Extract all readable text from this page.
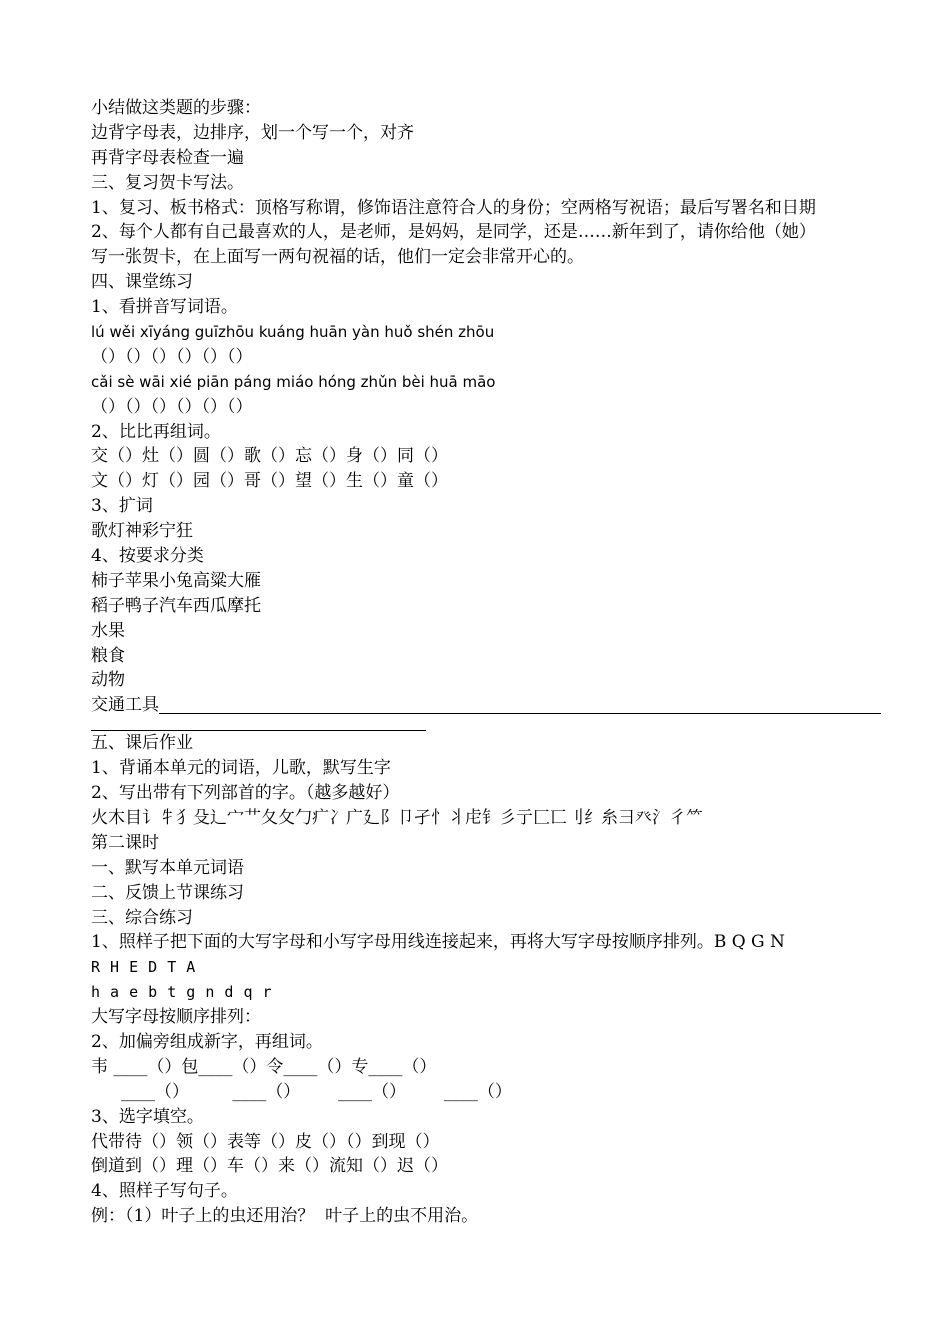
小结做这类题的步骤：
边背字母表，边排序，划一个写一个，对齐
再背字母表检查一遍
三、复习贺卡写法。
1、复习、板书格式：顶格写称谓，修饰语注意符合人的身份；空两格写祝语；最后写署名和日期
2、每个人都有自己最喜欢的人，是老师，是妈妈，是同学，还是……新年到了，请你给他（她）
写一张贺卡，在上面写一两句祝福的话，他们一定会非常开心的。
四、课堂练习
1、看拼音写词语。
lú wěi xīyáng guīzhōu kuáng huān yàn huǒ shén zhōu
（）（）（）（）（）（）
cǎi sè wāi xié piān páng miáo hóng zhǔn bèi huā māo
（）（）（）（）（）（）
2、比比再组词。
交（）灶（）圆（）歌（）忘（）身（）同（）
文（）灯（）园（）哥（）望（）生（）童（）
3、扩词
歌灯神彩宁狂
4、按要求分类
柿子苹果小兔高粱大雁
稻子鸭子汽车西瓜摩托
水果
粮食
动物
交通工具
五、课后作业
1、背诵本单元的词语，儿歌，默写生字
2、写出带有下列部首的字。（越多越好）
火木目讠牜犭殳辶宀艹夂攵勹疒冫广廴阝卩孑忄丬虍钅彡亍匚匸刂纟糸彐癶氵彳⺮
第二课时
一、默写本单元词语
二、反馈上节课练习
三、综合练习
1、照样子把下面的大写字母和小写字母用线连接起来，再将大写字母按顺序排列。B Q G N
R H E D T A
h a e b t g n d q r
大写字母按顺序排列：
2、加偏旁组成新字，再组词。
韦 ____（）包____（）令____（）专____（）
____（）        ____（）       ____（）       ____（）
3、选字填空。
代带待（）领（）表等（）皮（）（）到现（）
倒道到（）理（）车（）来（）流知（）迟（）
4、照样子写句子。
例：（1）叶子上的虫还用治？  叶子上的虫不用治。
